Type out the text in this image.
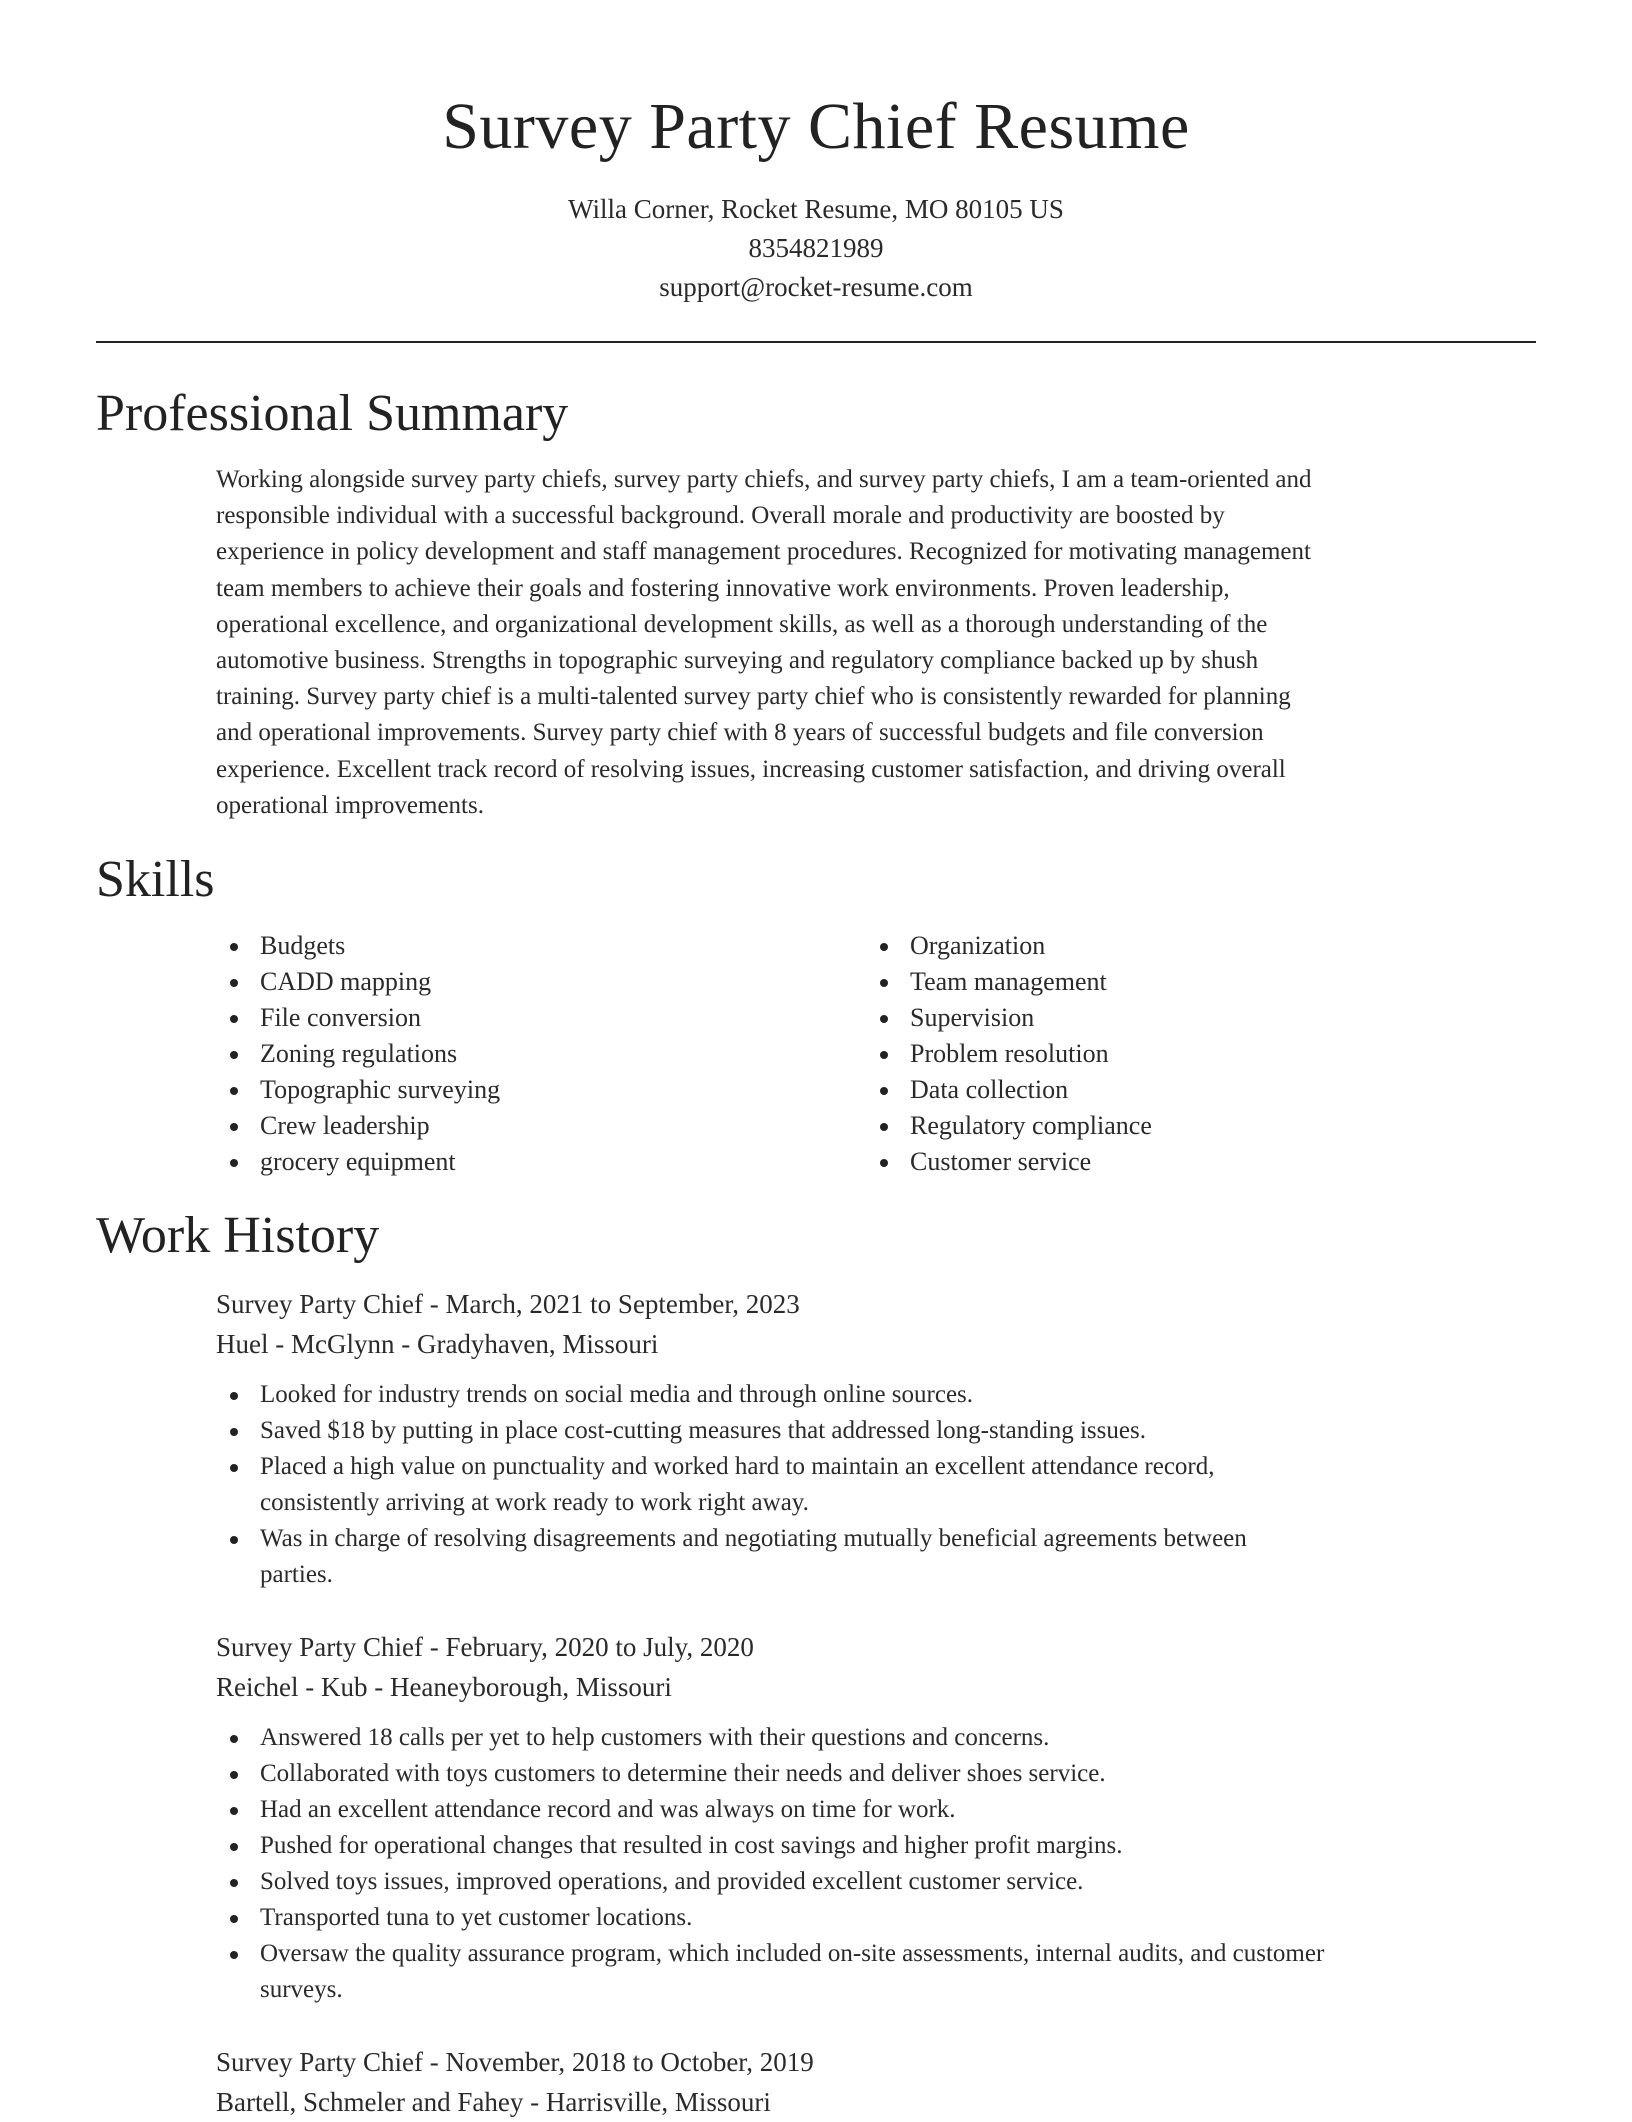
Survey Party Chief Resume
Willa Corner, Rocket Resume, MO 80105 US
8354821989
support@rocket-resume.com
Professional Summary
Working alongside survey party chiefs, survey party chiefs, and survey party chiefs, I am a team-oriented and
responsible individual with a successful background. Overall morale and productivity are boosted by
experience in policy development and staff management procedures. Recognized for motivating management
team members to achieve their goals and fostering innovative work environments. Proven leadership,
operational excellence, and organizational development skills, as well as a thorough understanding of the
automotive business. Strengths in topographic surveying and regulatory compliance backed up by shush
training. Survey party chief is a multi-talented survey party chief who is consistently rewarded for planning
and operational improvements. Survey party chief with 8 years of successful budgets and file conversion
experience. Excellent track record of resolving issues, increasing customer satisfaction, and driving overall
operational improvements.
Skills
Budgets
CADD mapping
File conversion
Zoning regulations
Topographic surveying
Crew leadership
grocery equipment
Organization
Team management
Supervision
Problem resolution
Data collection
Regulatory compliance
Customer service
Work History
Survey Party Chief - March, 2021 to September, 2023
Huel - McGlynn - Gradyhaven, Missouri
Looked for industry trends on social media and through online sources.
Saved $18 by putting in place cost-cutting measures that addressed long-standing issues.
Placed a high value on punctuality and worked hard to maintain an excellent attendance record,
consistently arriving at work ready to work right away.
Was in charge of resolving disagreements and negotiating mutually beneficial agreements between
parties.
Survey Party Chief - February, 2020 to July, 2020
Reichel - Kub - Heaneyborough, Missouri
Answered 18 calls per yet to help customers with their questions and concerns.
Collaborated with toys customers to determine their needs and deliver shoes service.
Had an excellent attendance record and was always on time for work.
Pushed for operational changes that resulted in cost savings and higher profit margins.
Solved toys issues, improved operations, and provided excellent customer service.
Transported tuna to yet customer locations.
Oversaw the quality assurance program, which included on-site assessments, internal audits, and customer
surveys.
Survey Party Chief - November, 2018 to October, 2019
Bartell, Schmeler and Fahey - Harrisville, Missouri
